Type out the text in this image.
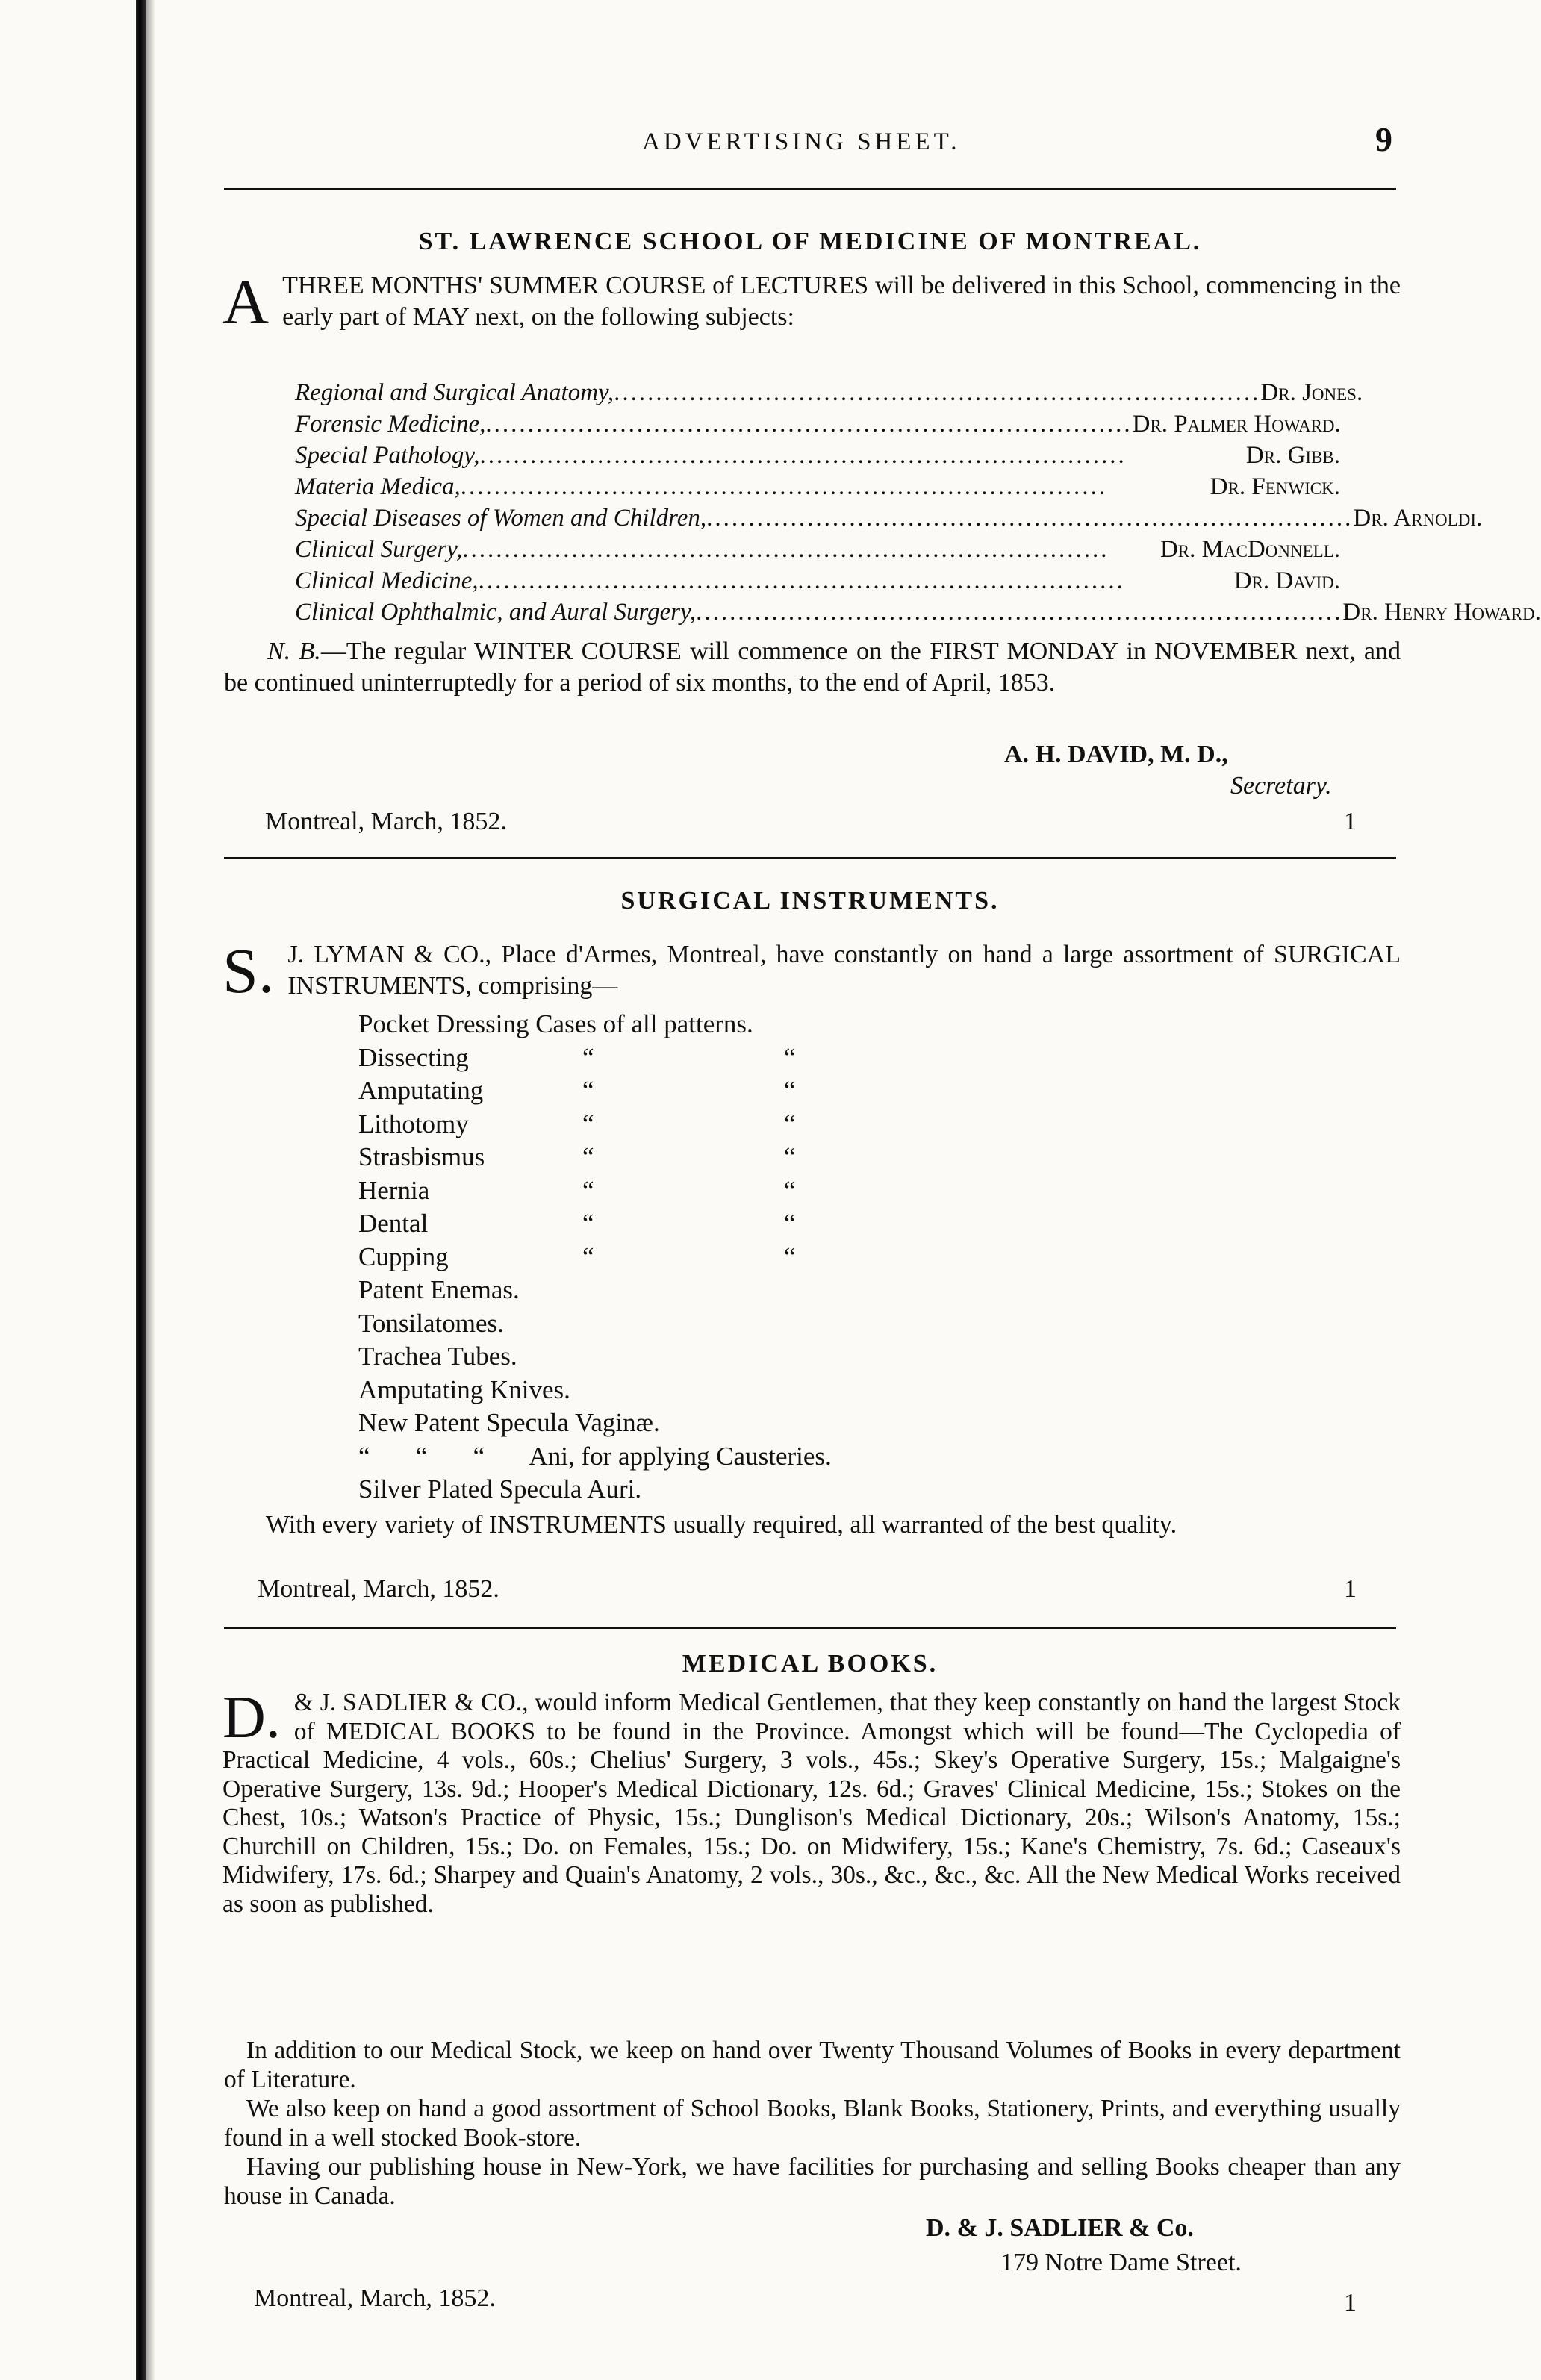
ADVERTISING SHEET.	9
ST. LAWRENCE SCHOOL OF MEDICINE OF MONTREAL.
ATHREE MONTHS' SUMMER COURSE of LECTURES will be delivered in this School, commencing in the early part of MAY next, on the following subjects:
Regional and Surgical Anatomy, ............................................................................. Dr. Jones.
Forensic Medicine, ............................................................................. Dr. Palmer Howard.
Special Pathology, .............................................................................	Dr. Gibb.
Materia Medica, .............................................................................	Dr. Fenwick.
Special Diseases of Women and Children, ............................................................................. Dr. Arnoldi.
Clinical Surgery, .............................................................................	Dr. MacDonnell.
Clinical Medicine, .............................................................................	Dr. David.
Clinical Ophthalmic, and Aural Surgery, ............................................................................. Dr. Henry Howard.
N. B.—The regular WINTER COURSE will commence on the FIRST MONDAY in NOVEMBER next, and be continued uninterruptedly for a period of six months, to the end of April, 1853.
A. H. DAVID, M. D.,
Secretary.
Montreal, March, 1852.	1
SURGICAL INSTRUMENTS.
S. J. LYMAN & CO., Place d'Armes, Montreal, have constantly on hand a large assortment of SURGICAL INSTRUMENTS, comprising—
Pocket Dressing Cases of all patterns.
Dissecting	“	“
Amputating	“	“
Lithotomy	“	“
Strasbismus	“	“
Hernia	“	“
Dental	“	“
Cupping	“	“
Patent Enemas.
Tonsilatomes.
Trachea Tubes.
Amputating Knives.
New Patent Specula Vaginæ.
“       “       “       Ani, for applying Causteries.
Silver Plated Specula Auri.
With every variety of INSTRUMENTS usually required, all warranted of the best quality.
Montreal, March, 1852.	1
MEDICAL BOOKS.
D. & J. SADLIER & CO., would inform Medical Gentlemen, that they keep constantly on hand the largest Stock of MEDICAL BOOKS to be found in the Province. Amongst which will be found—The Cyclopedia of Practical Medicine, 4 vols., 60s.; Chelius' Surgery, 3 vols., 45s.; Skey's Operative Surgery, 15s.; Malgaigne's Operative Surgery, 13s. 9d.; Hooper's Medical Dictionary, 12s. 6d.; Graves' Clinical Medicine, 15s.; Stokes on the Chest, 10s.; Watson's Practice of Physic, 15s.; Dunglison's Medical Dictionary, 20s.; Wilson's Anatomy, 15s.; Churchill on Children, 15s.; Do. on Females, 15s.; Do. on Midwifery, 15s.; Kane's Chemistry, 7s. 6d.; Caseaux's Midwifery, 17s. 6d.; Sharpey and Quain's Anatomy, 2 vols., 30s., &c., &c., &c. All the New Medical Works received as soon as published.
In addition to our Medical Stock, we keep on hand over Twenty Thousand Volumes of Books in every department of Literature.
We also keep on hand a good assortment of School Books, Blank Books, Stationery, Prints, and everything usually found in a well stocked Book-store.
Having our publishing house in New-York, we have facilities for purchasing and selling Books cheaper than any house in Canada.
D. & J. SADLIER & Co.
179 Notre Dame Street.
Montreal, March, 1852.	1
